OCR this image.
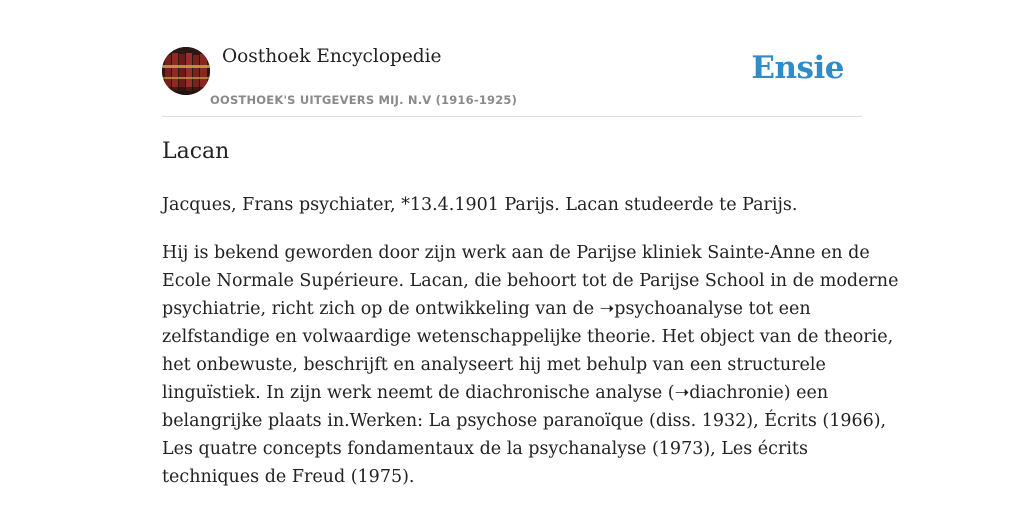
Oosthoek Encyclopedie
OOSTHOEK'S UITGEVERS MIJ. N.V (1916-1925)
Ensie
Lacan

Jacques, Frans psychiater, *13.4.1901 Parijs. Lacan studeerde te Parijs.

Hij is bekend geworden door zijn werk aan de Parijse kliniek Sainte-Anne en de
Ecole Normale Supérieure. Lacan, die behoort tot de Parijse School in de moderne
psychiatrie, richt zich op de ontwikkeling van de ➝psychoanalyse tot een
zelfstandige en volwaardige wetenschappelijke theorie. Het object van de theorie,
het onbewuste, beschrijft en analyseert hij met behulp van een structurele
linguïstiek. In zijn werk neemt de diachronische analyse (➝diachronie) een
belangrijke plaats in.Werken: La psychose paranoïque (diss. 1932), Écrits (1966),
Les quatre concepts fondamentaux de la psychanalyse (1973), Les écrits
techniques de Freud (1975).
